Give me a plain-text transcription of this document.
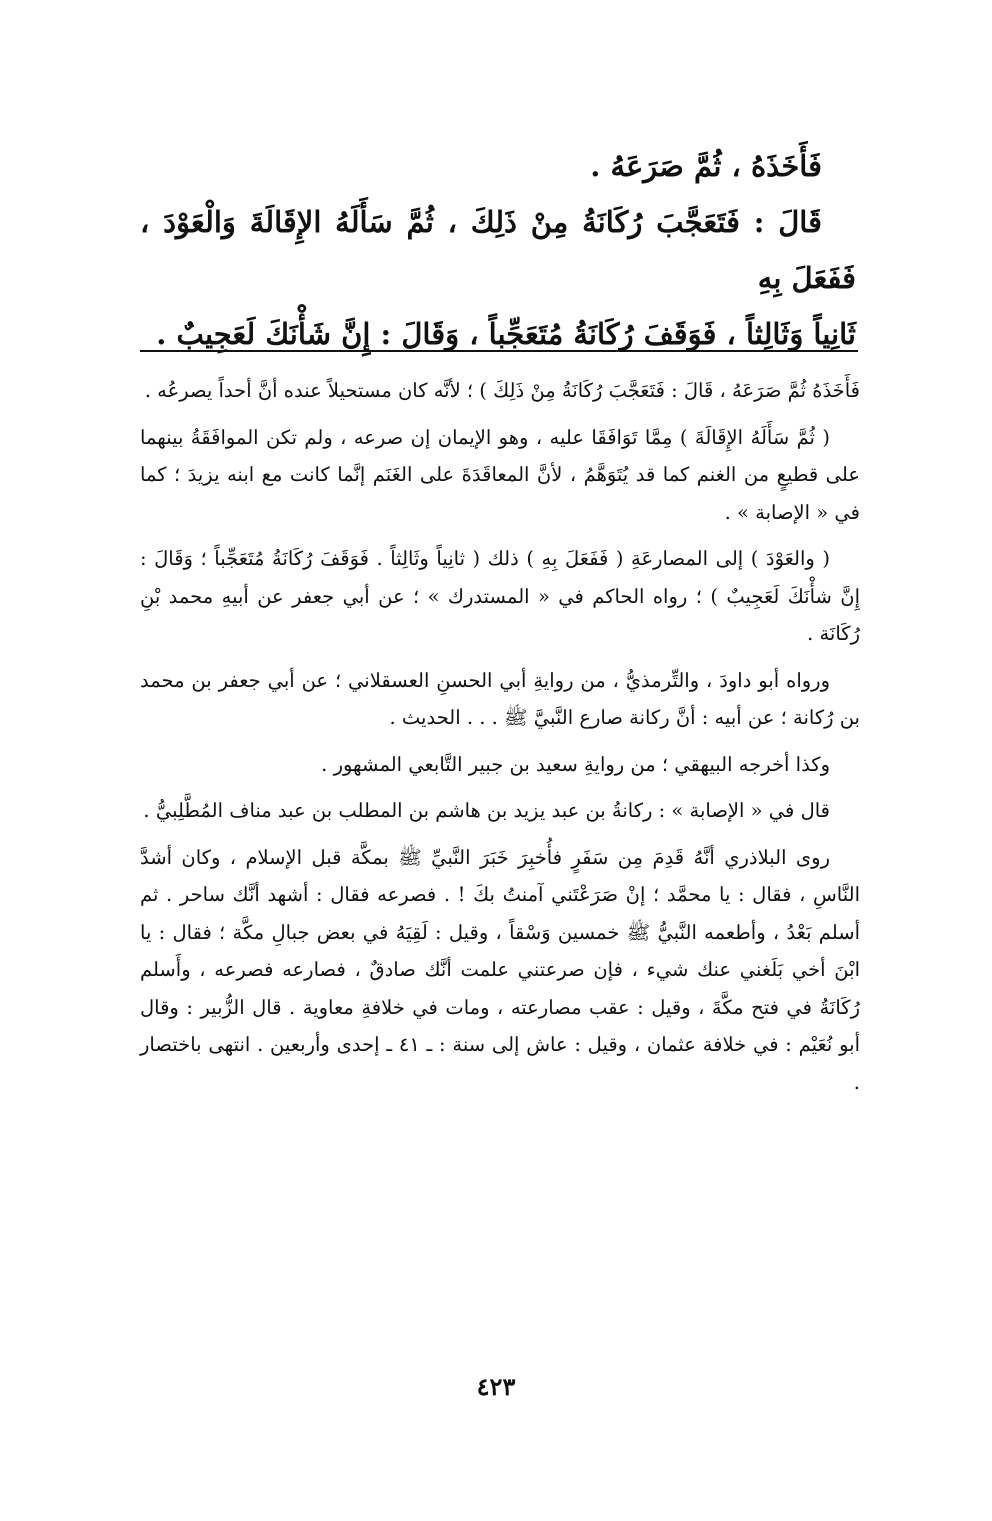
فَأَخَذَهُ ، ثُمَّ صَرَعَهُ .

قَالَ : فَتَعَجَّبَ رُكَانَةُ مِنْ ذَلِكَ ، ثُمَّ سَأَلَهُ الإِقَالَةَ وَالْعَوْدَ ، فَفَعَلَ بِهِ

ثَانِياً وَثَالِثاً ، فَوَقَفَ رُكَانَةُ مُتَعَجِّباً ، وَقَالَ : إِنَّ شَأْنَكَ لَعَجِيبٌ .

فَأَخَذَهُ ثُمَّ صَرَعَهُ ، قَالَ : فَتَعَجَّبَ رُكَانَةُ مِنْ ذَلِكَ ) ؛ لأنَّه كان مستحيلاً عنده أنَّ أحداً يصرعُه .

( ثُمَّ سَأَلَهُ الإِقَالَةَ ) مِمَّا تَوَافَقَا عليه ، وهو الإيمان إن صرعه ، ولم تكن الموافَقَةُ بينهما على قطيعٍ من الغنم كما قد يُتَوَهَّمُ ، لأنَّ المعاقَدَةَ على الغَنَم إنَّما كانت مع ابنه يزيدَ ؛ كما في « الإصابة » .

( والعَوْدَ ) إلى المصارعَةِ ( فَفَعَلَ بِهِ ) ذلك ( ثانِياً وثَالِثاً . فَوَقَفَ رُكَانَةُ مُتَعَجِّباً ؛ وَقَالَ : إِنَّ شأْنَكَ لَعَجِيبٌ ) ؛ رواه الحاكم في « المستدرك » ؛ عن أبي جعفر عن أبيهِ محمد بْنِ رُكَانَة .

ورواه أبو داودَ ، والتِّرمذيُّ ، من روايةِ أبي الحسنِ العسقلاني ؛ عن أبي جعفر بن محمد بن رُكانة ؛ عن أبيه : أنَّ ركانة صارع النَّبيَّ ﷺ . . . الحديث .

وكذا أخرجه البيهقي ؛ من روايةِ سعيد بن جبير التَّابعي المشهور .

قال في « الإصابة » : ركانةُ بن عبد يزيد بن هاشم بن المطلب بن عبد مناف المُطَّلِبيُّ .

روى البلاذري أنَّهُ قَدِمَ مِن سَفَرٍ فأُخبِرَ خَبَرَ النَّبيِّ ﷺ بمكَّة قبل الإسلام ، وكان أشدَّ النَّاسِ ، فقال : يا محمَّد ؛ إنْ صَرَعْتَني آمنتُ بكَ ! . فصرعه فقال : أشهد أنَّك ساحر . ثم أسلم بَعْدُ ، وأطعمه النَّبيُّ ﷺ خمسين وَسْقاً ، وقيل : لَقِيَهُ في بعض جبالِ مكَّة ؛ فقال : يا ابْنَ أخي بَلَغني عنك شيء ، فإن صرعتني علمت أنَّك صادقٌ ، فصارعه فصرعه ، وأَسلم رُكَانَةُ في فتح مكَّةَ ، وقيل : عقب مصارعته ، ومات في خلافةِ معاوية . قال الزُّبير : وقال أبو نُعَيْم : في خلافة عثمان ، وقيل : عاش إلى سنة : ـ ٤١ ـ إحدى وأربعين . انتهى باختصار .

٤٢٣
